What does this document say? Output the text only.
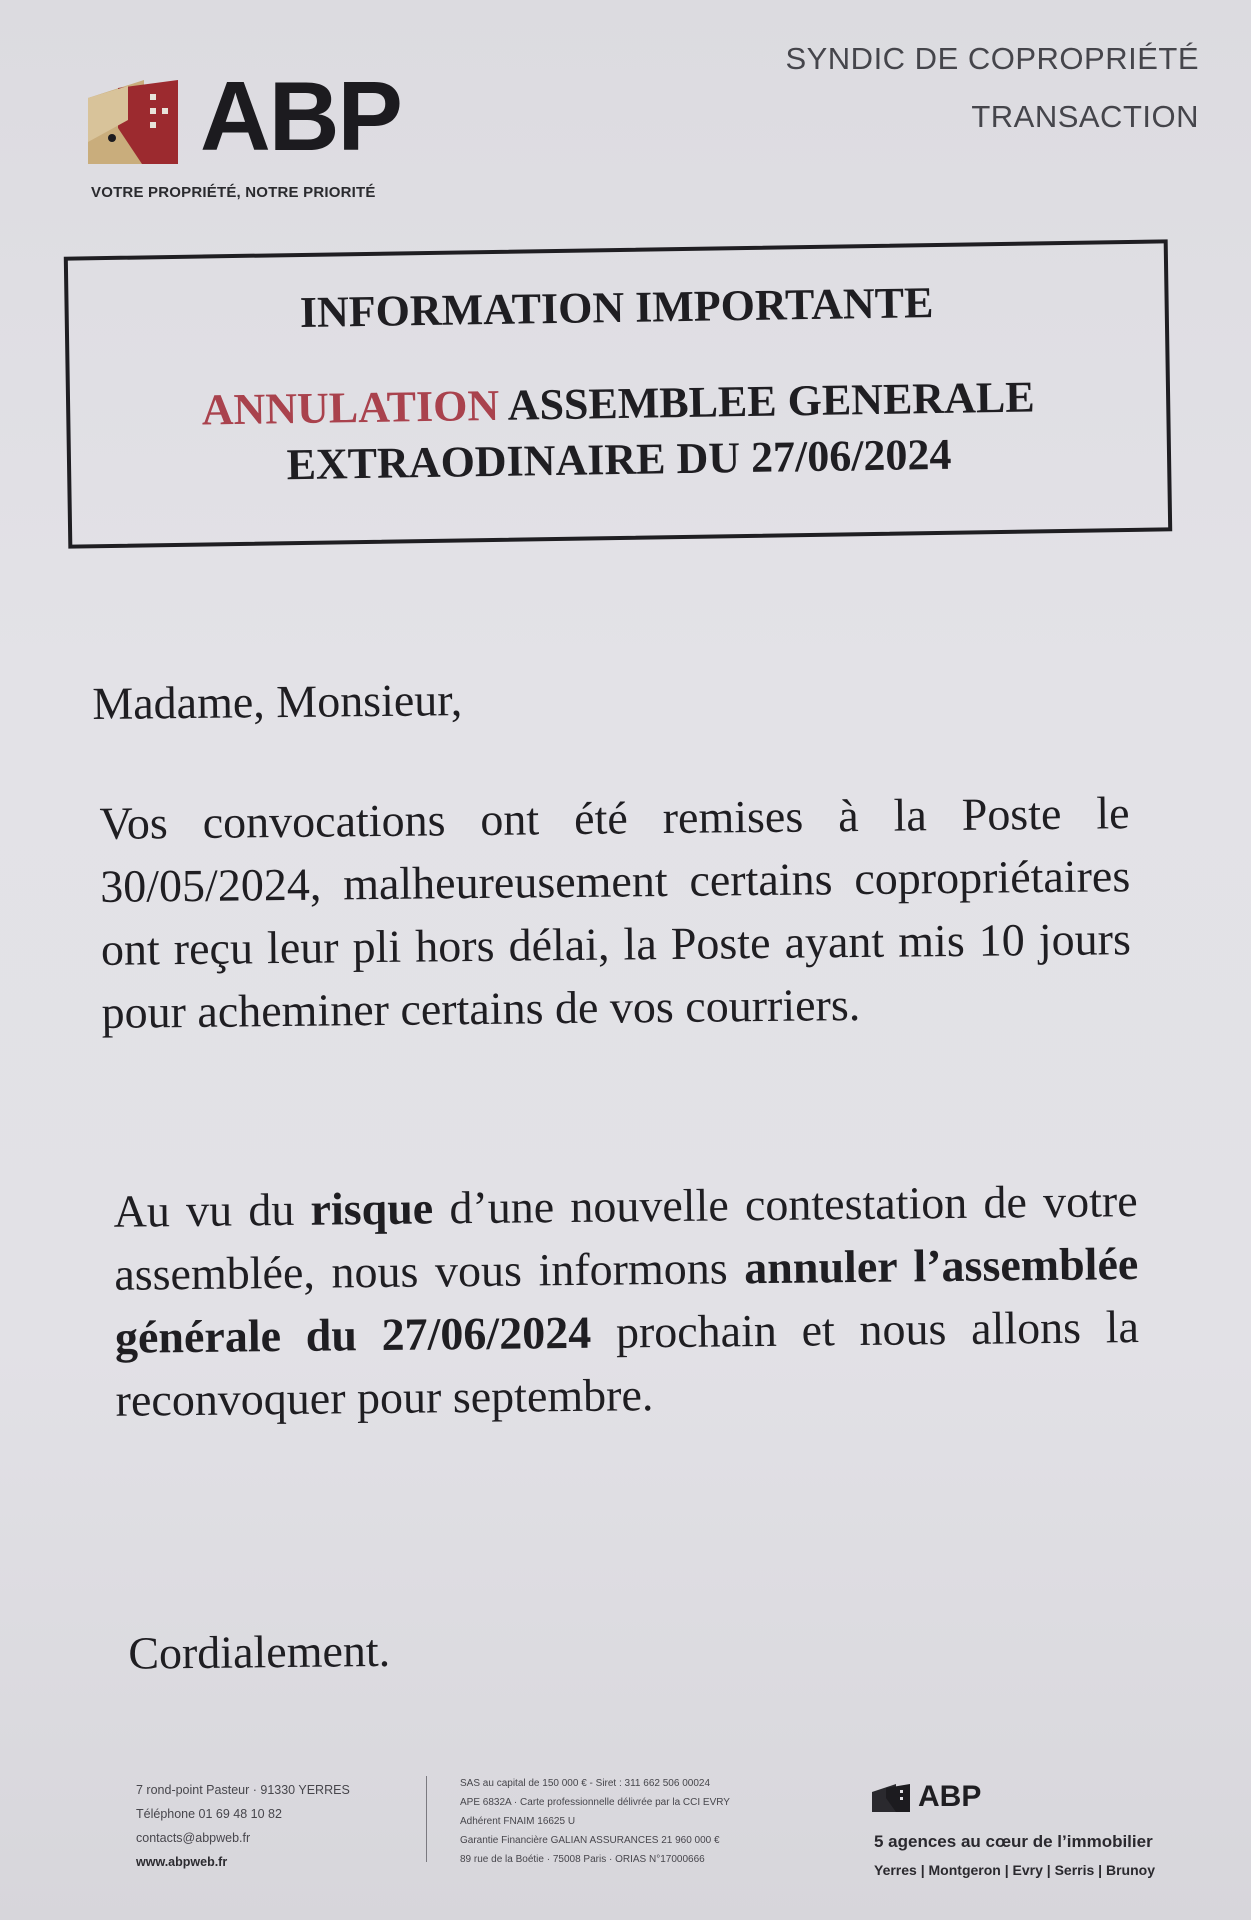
ABP
VOTRE PROPRIÉTÉ, NOTRE PRIORITÉ
SYNDIC DE COPROPRIÉTÉ
TRANSACTION
INFORMATION IMPORTANTE
ANNULATION ASSEMBLEE GENERALE
EXTRAODINAIRE DU 27/06/2024

Madame, Monsieur,

Vos convocations ont été remises à la Poste le 30/05/2024, malheureusement certains copropriétaires ont reçu leur pli hors délai, la Poste ayant mis 10 jours pour acheminer certains de vos courriers.

Au vu du risque d’une nouvelle contestation de votre assemblée, nous vous informons annuler l’assemblée générale du 27/06/2024 prochain et nous allons la reconvoquer pour septembre.

Cordialement.

7 rond-point Pasteur · 91330 YERRES
Téléphone 01 69 48 10 82
contacts@abpweb.fr
www.abpweb.fr
SAS au capital de 150 000 € - Siret : 311 662 506 00024
APE 6832A · Carte professionnelle délivrée par la CCI EVRY
Adhérent FNAIM 16625 U
Garantie Financière GALIAN ASSURANCES 21 960 000 €
89 rue de la Boétie · 75008 Paris · ORIAS N°17000666
ABP
5 agences au cœur de l’immobilier
Yerres | Montgeron | Evry | Serris | Brunoy
